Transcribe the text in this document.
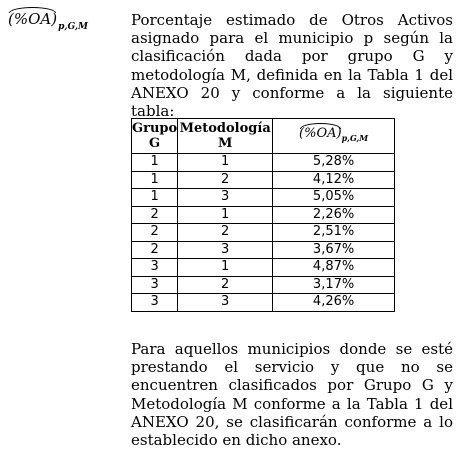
$(\%OA)_{p,G,M}$	Porcentaje estimado de Otros Activos asignado para el municipio p según la clasificación dada por grupo G y metodología M, definida en la Tabla 1 del ANEXO 20 y conforme a la siguiente tabla:
Grupo G	Metodología M	$(\%OA)_{p,G,M}$
1	1	5,28%
1	2	4,12%
1	3	5,05%
2	1	2,26%
2	2	2,51%
2	3	3,67%
3	1	4,87%
3	2	3,17%
3	3	4,26%
Para aquellos municipios donde se esté prestando el servicio y que no se encuentren clasificados por Grupo G y Metodología M conforme a la Tabla 1 del ANEXO 20, se clasificarán conforme a lo establecido en dicho anexo.
